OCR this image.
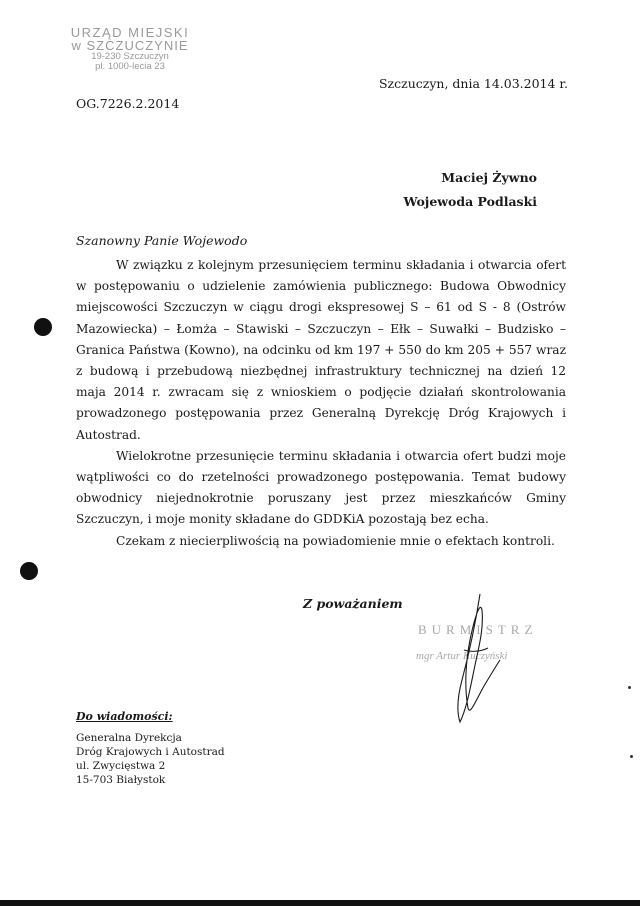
URZĄD MIEJSKI
w SZCZUCZYNIE
19-230 Szczuczyn
pl. 1000-lecia 23
Szczuczyn, dnia 14.03.2014 r.
OG.7226.2.2014
Maciej Żywno
Wojewoda Podlaski
Szanowny Panie Wojewodo

W związku z kolejnym przesunięciem terminu składania i otwarcia ofert w postępowaniu o udzielenie zamówienia publicznego: Budowa Obwodnicy miejscowości Szczuczyn w ciągu drogi ekspresowej S – 61 od S - 8 (Ostrów Mazowiecka) – Łomża – Stawiski – Szczuczyn – Ełk – Suwałki – Budzisko – Granica Państwa (Kowno), na odcinku od km 197 + 550 do km 205 + 557 wraz z budową i przebudową niezbędnej infrastruktury technicznej na dzień 12 maja 2014 r. zwracam się z wnioskiem o podjęcie działań skontrolowania prowadzonego postępowania przez Generalną Dyrekcję Dróg Krajowych i Autostrad.

Wielokrotne przesunięcie terminu składania i otwarcia ofert budzi moje wątpliwości co do rzetelności prowadzonego postępowania. Temat budowy obwodnicy niejednokrotnie poruszany jest przez mieszkańców Gminy Szczuczyn, i moje monity składane do GDDKiA pozostają bez echa.

Czekam z niecierpliwością na powiadomienie mnie o efektach kontroli.

Z poważaniem
BURMISTRZ
mgr Artur Kuczyński
Do wiadomości:
Generalna Dyrekcja
Dróg Krajowych i Autostrad
ul. Zwycięstwa 2
15-703 Białystok
